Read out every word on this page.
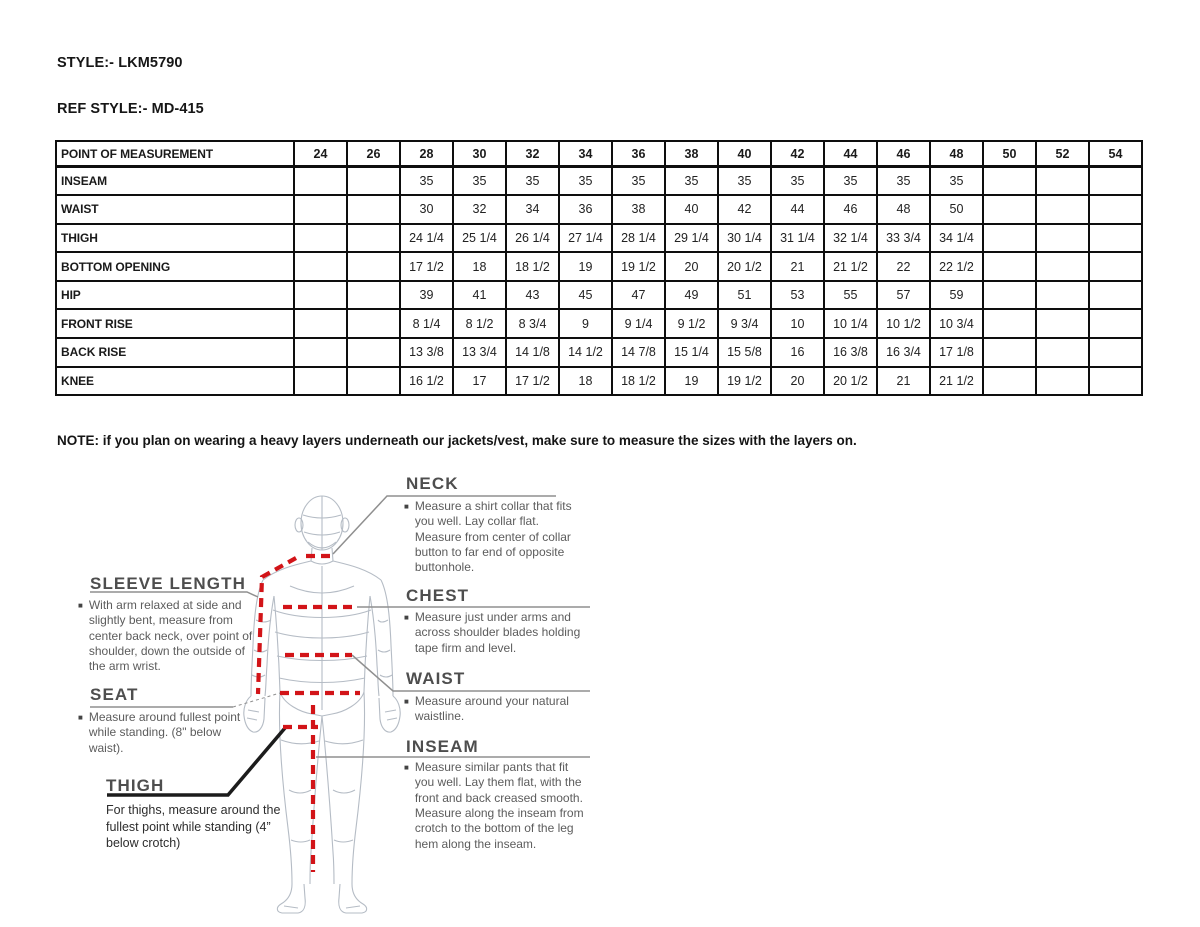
STYLE:- LKM5790
REF STYLE:- MD-415
POINT OF MEASUREMENT	24	26	28	30	32	34	36	38	40	42	44	46	48	50	52	54
INSEAM			35	35	35	35	35	35	35	35	35	35	35			
WAIST			30	32	34	36	38	40	42	44	46	48	50			
THIGH			24 1/4	25 1/4	26 1/4	27 1/4	28 1/4	29 1/4	30 1/4	31 1/4	32 1/4	33 3/4	34 1/4			
BOTTOM OPENING			17 1/2	18	18 1/2	19	19 1/2	20	20 1/2	21	21 1/2	22	22 1/2			
HIP			39	41	43	45	47	49	51	53	55	57	59			
FRONT RISE			8 1/4	8 1/2	8 3/4	9	9 1/4	9 1/2	9 3/4	10	10 1/4	10 1/2	10 3/4			
BACK RISE			13 3/8	13 3/4	14 1/8	14 1/2	14 7/8	15 1/4	15 5/8	16	16 3/8	16 3/4	17 1/8			
KNEE			16 1/2	17	17 1/2	18	18 1/2	19	19 1/2	20	20 1/2	21	21 1/2			
NOTE: if you plan on wearing a heavy layers underneath our jackets/vest, make sure to measure the sizes with the layers on.
NECK
■ Measure a shirt collar that fits you well. Lay collar flat. Measure from center of collar button to far end of opposite buttonhole.
CHEST
■ Measure just under arms and across shoulder blades holding tape firm and level.
WAIST
■ Measure around your natural waistline.
INSEAM
■ Measure similar pants that fit you well. Lay them flat, with the front and back creased smooth. Measure along the inseam from crotch to the bottom of the leg hem along the inseam.
SLEEVE LENGTH
■ With arm relaxed at side and slightly bent, measure from center back neck, over point of shoulder, down the outside of the arm wrist.
SEAT
■ Measure around fullest point while standing. (8" below waist).
THIGH
For thighs, measure around the fullest point while standing (4” below crotch)
